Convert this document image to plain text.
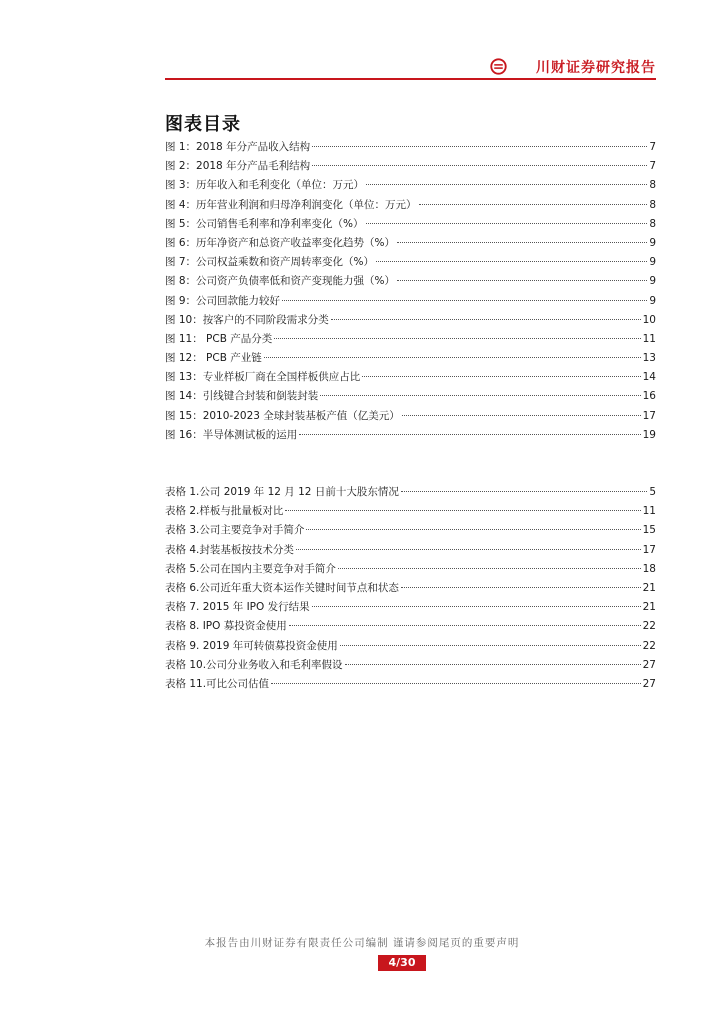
川财证券研究报告
图表目录
图 1：2018 年分产品收入结构	7
图 2：2018 年分产品毛利结构	7
图 3：历年收入和毛利变化（单位：万元）	8
图 4：历年营业利润和归母净利润变化（单位：万元）	8
图 5：公司销售毛利率和净利率变化（%）	8
图 6：历年净资产和总资产收益率变化趋势（%）	9
图 7：公司权益乘数和资产周转率变化（%）	9
图 8：公司资产负债率低和资产变现能力强（%）	9
图 9：公司回款能力较好	9
图 10：按客户的不同阶段需求分类	10
图 11： PCB 产品分类	11
图 12： PCB 产业链	13
图 13：专业样板厂商在全国样板供应占比	14
图 14：引线键合封装和倒装封装	16
图 15：2010-2023 全球封装基板产值（亿美元）	17
图 16：半导体测试板的运用	19
表格 1.公司 2019 年 12 月 12 日前十大股东情况	5
表格 2.样板与批量板对比	11
表格 3.公司主要竞争对手简介	15
表格 4.封装基板按技术分类	17
表格 5.公司在国内主要竞争对手简介	18
表格 6.公司近年重大资本运作关键时间节点和状态	21
表格 7. 2015 年 IPO 发行结果	21
表格 8. IPO 募投资金使用	22
表格 9. 2019 年可转债募投资金使用	22
表格 10.公司分业务收入和毛利率假设	27
表格 11.可比公司估值	27
本报告由川财证券有限责任公司编制 谨请参阅尾页的重要声明
4/30
